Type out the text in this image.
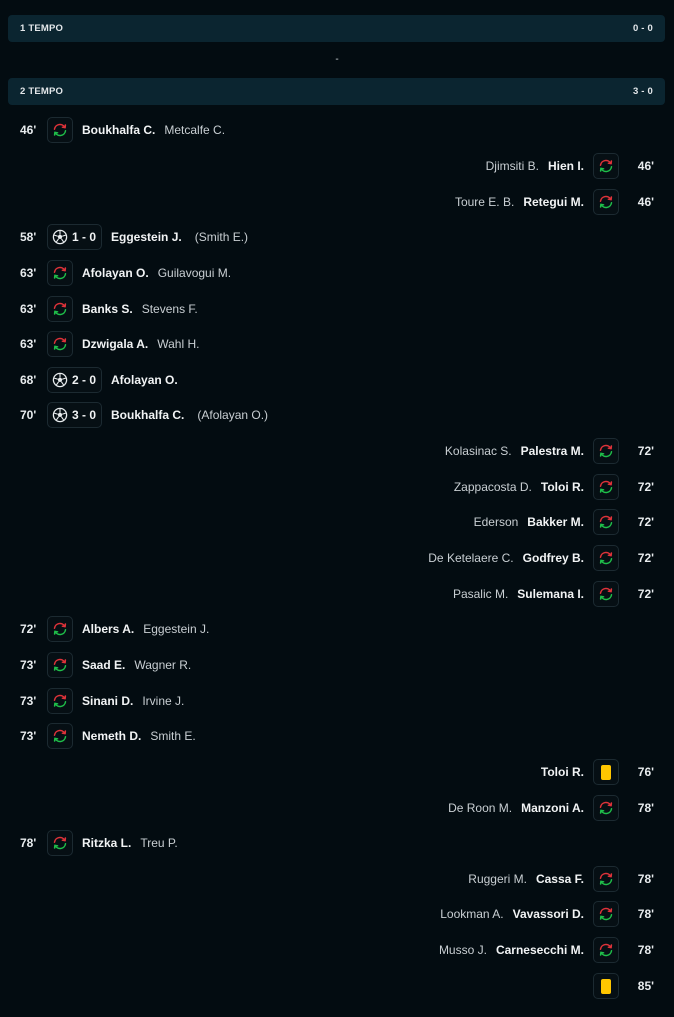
1 TEMPO	0 - 0
-
2 TEMPO	3 - 0
46'	Boukhalfa C. Metcalfe C.
Djimsiti B. Hien I.	46'
Toure E. B. Retegui M.	46'
58'	1 - 0 Eggestein J. (Smith E.)
63'	Afolayan O. Guilavogui M.
63'	Banks S. Stevens F.
63'	Dzwigala A. Wahl H.
68'	2 - 0 Afolayan O.
70'	3 - 0 Boukhalfa C. (Afolayan O.)
Kolasinac S. Palestra M.	72'
Zappacosta D. Toloi R.	72'
Ederson Bakker M.	72'
De Ketelaere C. Godfrey B.	72'
Pasalic M. Sulemana I.	72'
72'	Albers A. Eggestein J.
73'	Saad E. Wagner R.
73'	Sinani D. Irvine J.
73'	Nemeth D. Smith E.
Toloi R.	76'
De Roon M. Manzoni A.	78'
78'	Ritzka L. Treu P.
Ruggeri M. Cassa F.	78'
Lookman A. Vavassori D.	78'
Musso J. Carnesecchi M.	78'
85'
